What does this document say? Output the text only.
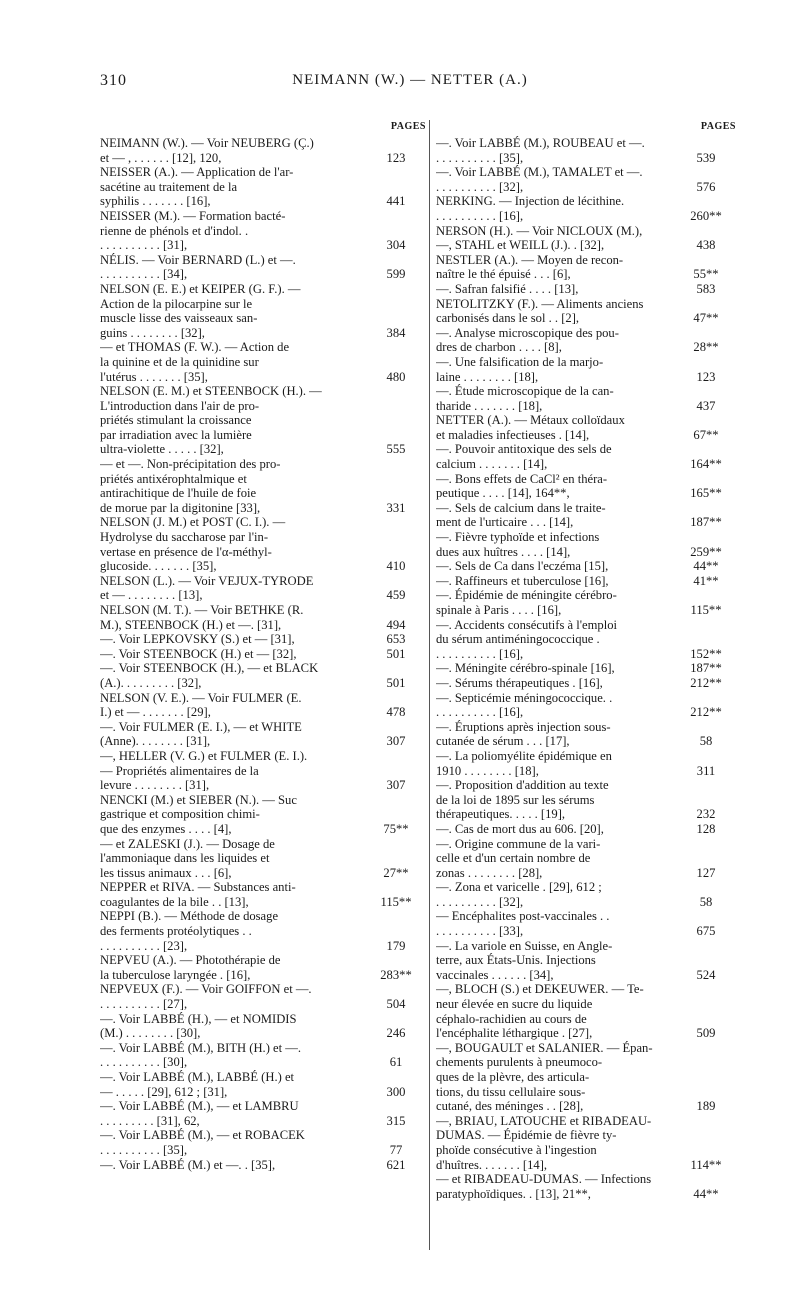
310	NEIMANN (W.) — NETTER (A.)
PAGES
NEIMANN (W.). — Voir NEUBERG (Ç.)
et — , . . . . . . [12], 120,	123
NEISSER (A.). — Application de l'ar-
sacétine au traitement de la
syphilis . . . . . . . [16],	441
NEISSER (M.). — Formation bacté-
rienne de phénols et d'indol. .
. . . . . . . . . . [31],	304
NÉLIS. — Voir BERNARD (L.) et —.
. . . . . . . . . . [34],	599
NELSON (E. E.) et KEIPER (G. F.). —
Action de la pilocarpine sur le
muscle lisse des vaisseaux san-
guins . . . . . . . . [32],	384
— et THOMAS (F. W.). — Action de
la quinine et de la quinidine sur
l'utérus . . . . . . . [35],	480
NELSON (E. M.) et STEENBOCK (H.). —
L'introduction dans l'air de pro-
priétés stimulant la croissance
par irradiation avec la lumière
ultra-violette . . . . . [32],	555
— et —. Non-précipitation des pro-
priétés antixérophtalmique et
antirachitique de l'huile de foie
de morue par la digitonine [33],	331
NELSON (J. M.) et POST (C. I.). —
Hydrolyse du saccharose par l'in-
vertase en présence de l'α-méthyl-
glucoside. . . . . . . [35],	410
NELSON (L.). — Voir VEJUX-TYRODE
et — . . . . . . . . [13],	459
NELSON (M. T.). — Voir BETHKE (R.
M.), STEENBOCK (H.) et —. [31],	494
—. Voir LEPKOVSKY (S.) et — [31],	653
—. Voir STEENBOCK (H.) et — [32],	501
—. Voir STEENBOCK (H.), — et BLACK
(A.). . . . . . . . . [32],	501
NELSON (V. E.). — Voir FULMER (E.
I.) et — . . . . . . . [29],	478
—. Voir FULMER (E. I.), — et WHITE
(Anne). . . . . . . . [31],	307
—, HELLER (V. G.) et FULMER (E. I.).
— Propriétés alimentaires de la
levure . . . . . . . . [31],	307
NENCKI (M.) et SIEBER (N.). — Suc
gastrique et composition chimi-
que des enzymes . . . . [4],	75**
— et ZALESKI (J.). — Dosage de
l'ammoniaque dans les liquides et
les tissus animaux . . . [6],	27**
NEPPER et RIVA. — Substances anti-
coagulantes de la bile . . [13],	115**
NEPPI (B.). — Méthode de dosage
des ferments protéolytiques . .
. . . . . . . . . . [23],	179
NEPVEU (A.). — Photothérapie de
la tuberculose laryngée . [16],	283**
NEPVEUX (F.). — Voir GOIFFON et —.
. . . . . . . . . . [27],	504
—. Voir LABBÉ (H.), — et NOMIDIS
(M.) . . . . . . . . [30],	246
—. Voir LABBÉ (M.), BITH (H.) et —.
. . . . . . . . . . [30],	61
—. Voir LABBÉ (M.), LABBÉ (H.) et
— . . . . . [29], 612 ; [31],	300
—. Voir LABBÉ (M.), — et LAMBRU
. . . . . . . . . [31], 62,	315
—. Voir LABBÉ (M.), — et ROBACEK
. . . . . . . . . . [35],	77
—. Voir LABBÉ (M.) et —. . [35],	621
PAGES
—. Voir LABBÉ (M.), ROUBEAU et —.
. . . . . . . . . . [35],	539
—. Voir LABBÉ (M.), TAMALET et —.
. . . . . . . . . . [32],	576
NERKING. — Injection de lécithine.
. . . . . . . . . . [16],	260**
NERSON (H.). — Voir NICLOUX (M.),
—, STAHL et WEILL (J.). . [32],	438
NESTLER (A.). — Moyen de recon-
naître le thé épuisé . . . [6],	55**
—. Safran falsifié . . . . [13],	583
NETOLITZKY (F.). — Aliments anciens
carbonisés dans le sol . . [2],	47**
—. Analyse microscopique des pou-
dres de charbon . . . . [8],	28**
—. Une falsification de la marjo-
laine . . . . . . . . [18],	123
—. Étude microscopique de la can-
tharide . . . . . . . [18],	437
NETTER (A.). — Métaux colloïdaux
et maladies infectieuses . [14],	67**
—. Pouvoir antitoxique des sels de
calcium . . . . . . . [14],	164**
—. Bons effets de CaCl² en théra-
peutique . . . . [14], 164**,	165**
—. Sels de calcium dans le traite-
ment de l'urticaire . . . [14],	187**
—. Fièvre typhoïde et infections
dues aux huîtres . . . . [14],	259**
—. Sels de Ca dans l'eczéma [15],	44**
—. Raffineurs et tuberculose [16],	41**
—. Épidémie de méningite cérébro-
spinale à Paris . . . . [16],	115**
—. Accidents consécutifs à l'emploi
du sérum antiméningococcique .
. . . . . . . . . . [16],	152**
—. Méningite cérébro-spinale [16],	187**
—. Sérums thérapeutiques . [16],	212**
—. Septicémie méningococcique. .
. . . . . . . . . . [16],	212**
—. Éruptions après injection sous-
cutanée de sérum . . . [17],	58
—. La poliomyélite épidémique en
1910 . . . . . . . . [18],	311
—. Proposition d'addition au texte
de la loi de 1895 sur les sérums
thérapeutiques. . . . . [19],	232
—. Cas de mort dus au 606. [20],	128
—. Origine commune de la vari-
celle et d'un certain nombre de
zonas . . . . . . . . [28],	127
—. Zona et varicelle . [29], 612 ;
. . . . . . . . . . [32],	58
— Encéphalites post-vaccinales . .
. . . . . . . . . . [33],	675
—. La variole en Suisse, en Angle-
terre, aux États-Unis. Injections
vaccinales . . . . . . [34],	524
—, BLOCH (S.) et DEKEUWER. — Te-
neur élevée en sucre du liquide
céphalo-rachidien au cours de
l'encéphalite léthargique . [27],	509
—, BOUGAULT et SALANIER. — Épan-
chements purulents à pneumoco-
ques de la plèvre, des articula-
tions, du tissu cellulaire sous-
cutané, des méninges . . [28],	189
—, BRIAU, LATOUCHE et RIBADEAU-
DUMAS. — Épidémie de fièvre ty-
phoïde consécutive à l'ingestion
d'huîtres. . . . . . . [14],	114**
— et RIBADEAU-DUMAS. — Infections
paratyphoïdiques. . [13], 21**,	44**
